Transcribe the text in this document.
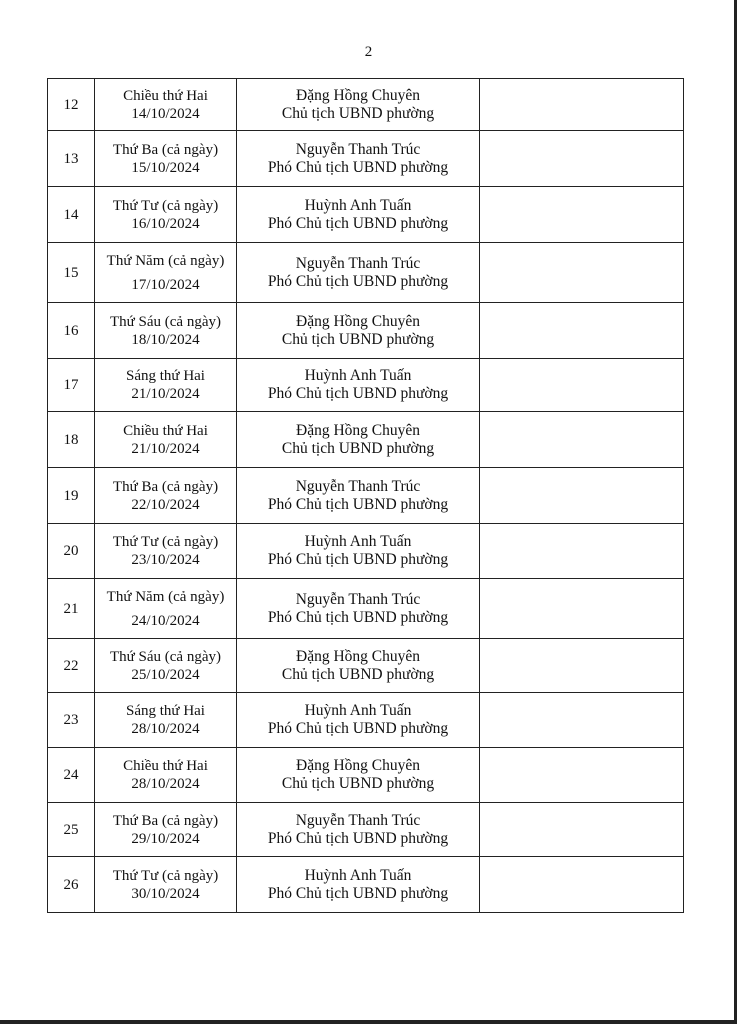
2
12	Chiều thứ Hai
14/10/2024	Đặng Hồng Chuyên
Chủ tịch UBND phường	

13	Thứ Ba (cả ngày)
15/10/2024	Nguyễn Thanh Trúc
Phó Chủ tịch UBND phường	

14	Thứ Tư (cả ngày)
16/10/2024	Huỳnh Anh Tuấn
Phó Chủ tịch UBND phường	

15	Thứ Năm (cả ngày)
17/10/2024	Nguyễn Thanh Trúc
Phó Chủ tịch UBND phường	

16	Thứ Sáu (cả ngày)
18/10/2024	Đặng Hồng Chuyên
Chủ tịch UBND phường	

17	Sáng thứ Hai
21/10/2024	Huỳnh Anh Tuấn
Phó Chủ tịch UBND phường	

18	Chiều thứ Hai
21/10/2024	Đặng Hồng Chuyên
Chủ tịch UBND phường	

19	Thứ Ba (cả ngày)
22/10/2024	Nguyễn Thanh Trúc
Phó Chủ tịch UBND phường	

20	Thứ Tư (cả ngày)
23/10/2024	Huỳnh Anh Tuấn
Phó Chủ tịch UBND phường	

21	Thứ Năm (cả ngày)
24/10/2024	Nguyễn Thanh Trúc
Phó Chủ tịch UBND phường	

22	Thứ Sáu (cả ngày)
25/10/2024	Đặng Hồng Chuyên
Chủ tịch UBND phường	

23	Sáng thứ Hai
28/10/2024	Huỳnh Anh Tuấn
Phó Chủ tịch UBND phường	

24	Chiều thứ Hai
28/10/2024	Đặng Hồng Chuyên
Chủ tịch UBND phường	

25	Thứ Ba (cả ngày)
29/10/2024	Nguyễn Thanh Trúc
Phó Chủ tịch UBND phường	

26	Thứ Tư (cả ngày)
30/10/2024	Huỳnh Anh Tuấn
Phó Chủ tịch UBND phường	
